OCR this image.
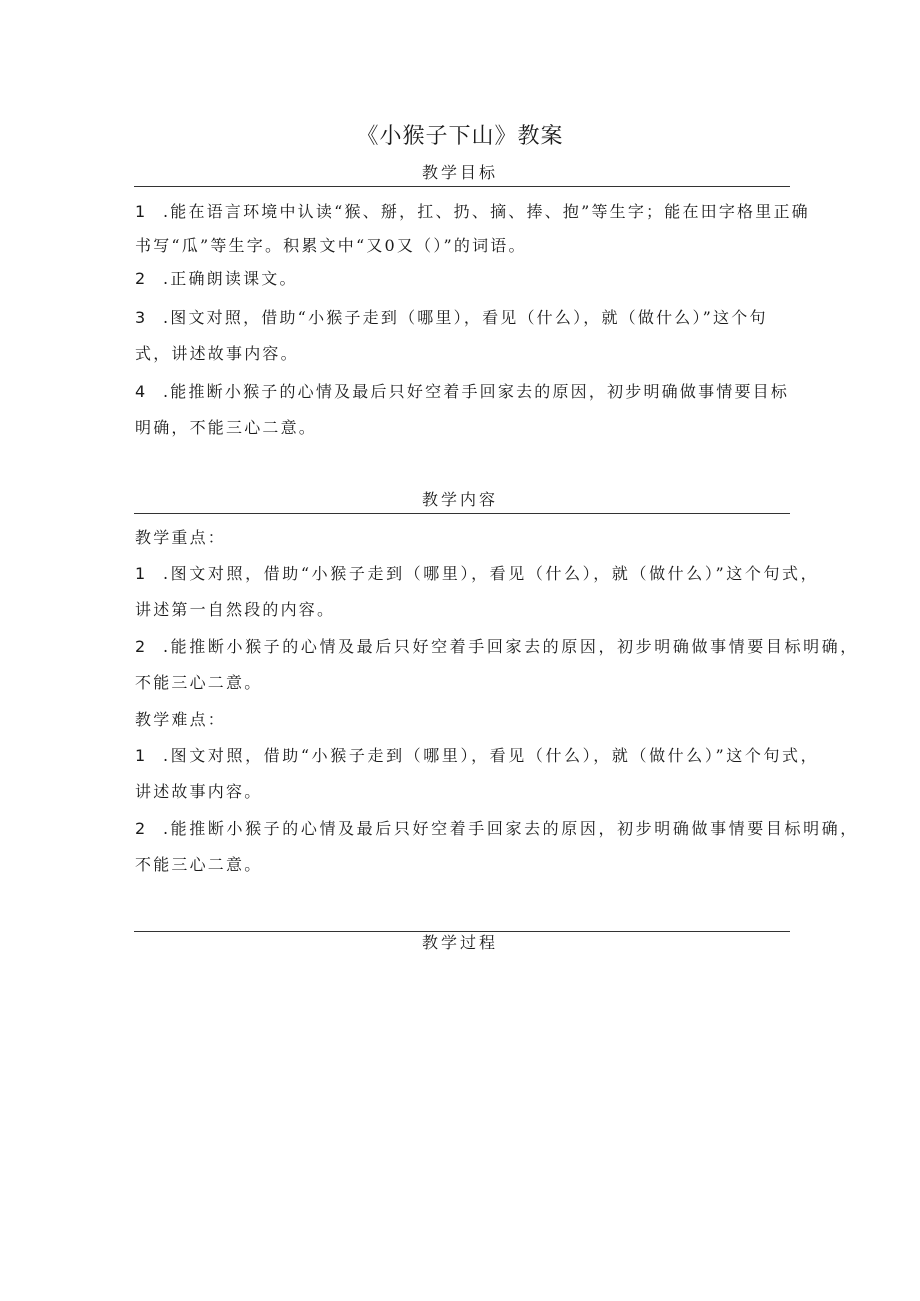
《小猴子下山》教案
教学目标
1 .能在语言环境中认读“猴、掰，扛、扔、摘、捧、抱”等生字；能在田字格里正确
书写“瓜”等生字。积累文中“又0又（）”的词语。
2 .正确朗读课文。
3 .图文对照，借助“小猴子走到（哪里），看见（什么），就（做什么）”这个句
式，讲述故事内容。
4 .能推断小猴子的心情及最后只好空着手回家去的原因，初步明确做事情要目标
明确，不能三心二意。
教学内容
教学重点：
1 .图文对照，借助“小猴子走到（哪里），看见（什么），就（做什么）”这个句式，
讲述第一自然段的内容。
2 .能推断小猴子的心情及最后只好空着手回家去的原因，初步明确做事情要目标明确，
不能三心二意。
教学难点：
1 .图文对照，借助“小猴子走到（哪里），看见（什么），就（做什么）”这个句式，
讲述故事内容。
2 .能推断小猴子的心情及最后只好空着手回家去的原因，初步明确做事情要目标明确，
不能三心二意。
教学过程
